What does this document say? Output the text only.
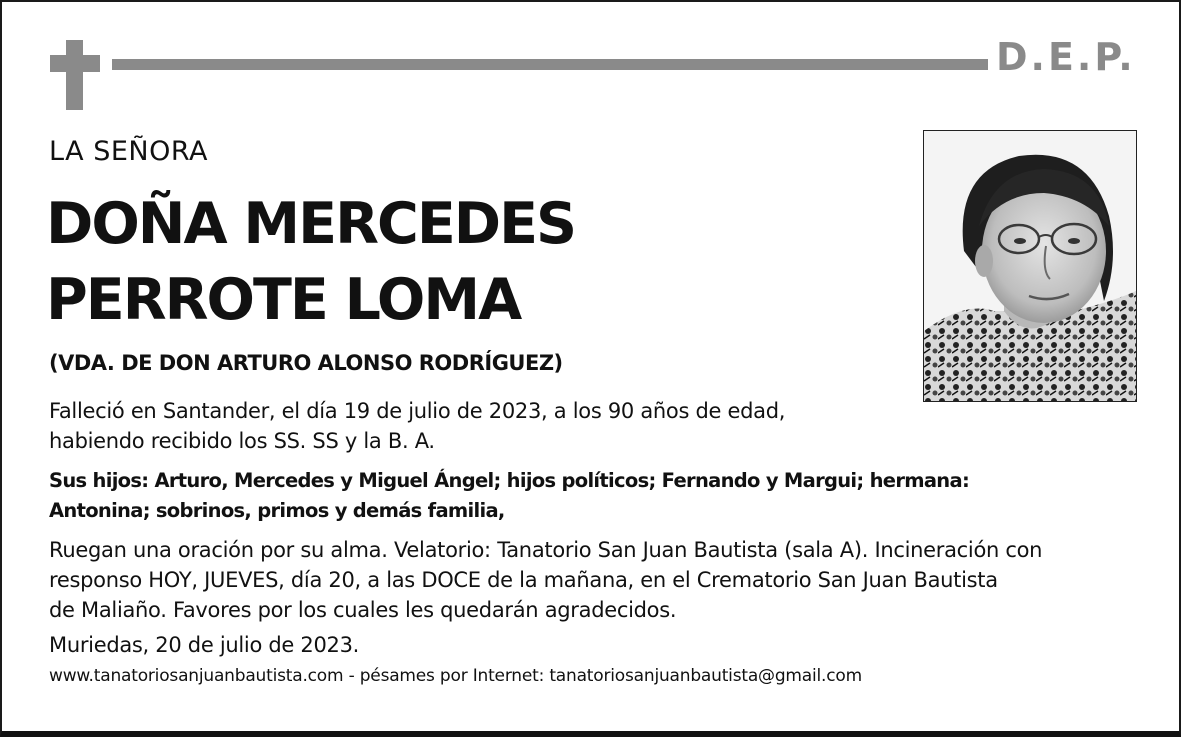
D.E.P.
LA SEÑORA
DOÑA MERCEDES
PERROTE LOMA
(VDA. DE DON ARTURO ALONSO RODRÍGUEZ)
Falleció en Santander, el día 19 de julio de 2023, a los 90 años de edad,
habiendo recibido los SS. SS y la B. A.
Sus hijos: Arturo, Mercedes y Miguel Ángel; hijos políticos; Fernando y Margui; hermana:
Antonina; sobrinos, primos y demás familia,
Ruegan una oración por su alma. Velatorio: Tanatorio San Juan Bautista (sala A). Incineración con
responso HOY, JUEVES, día 20, a las DOCE de la mañana, en el Crematorio San Juan Bautista
de Maliaño. Favores por los cuales les quedarán agradecidos.
Muriedas, 20 de julio de 2023.
www.tanatoriosanjuanbautista.com - pésames por Internet: tanatoriosanjuanbautista@gmail.com
